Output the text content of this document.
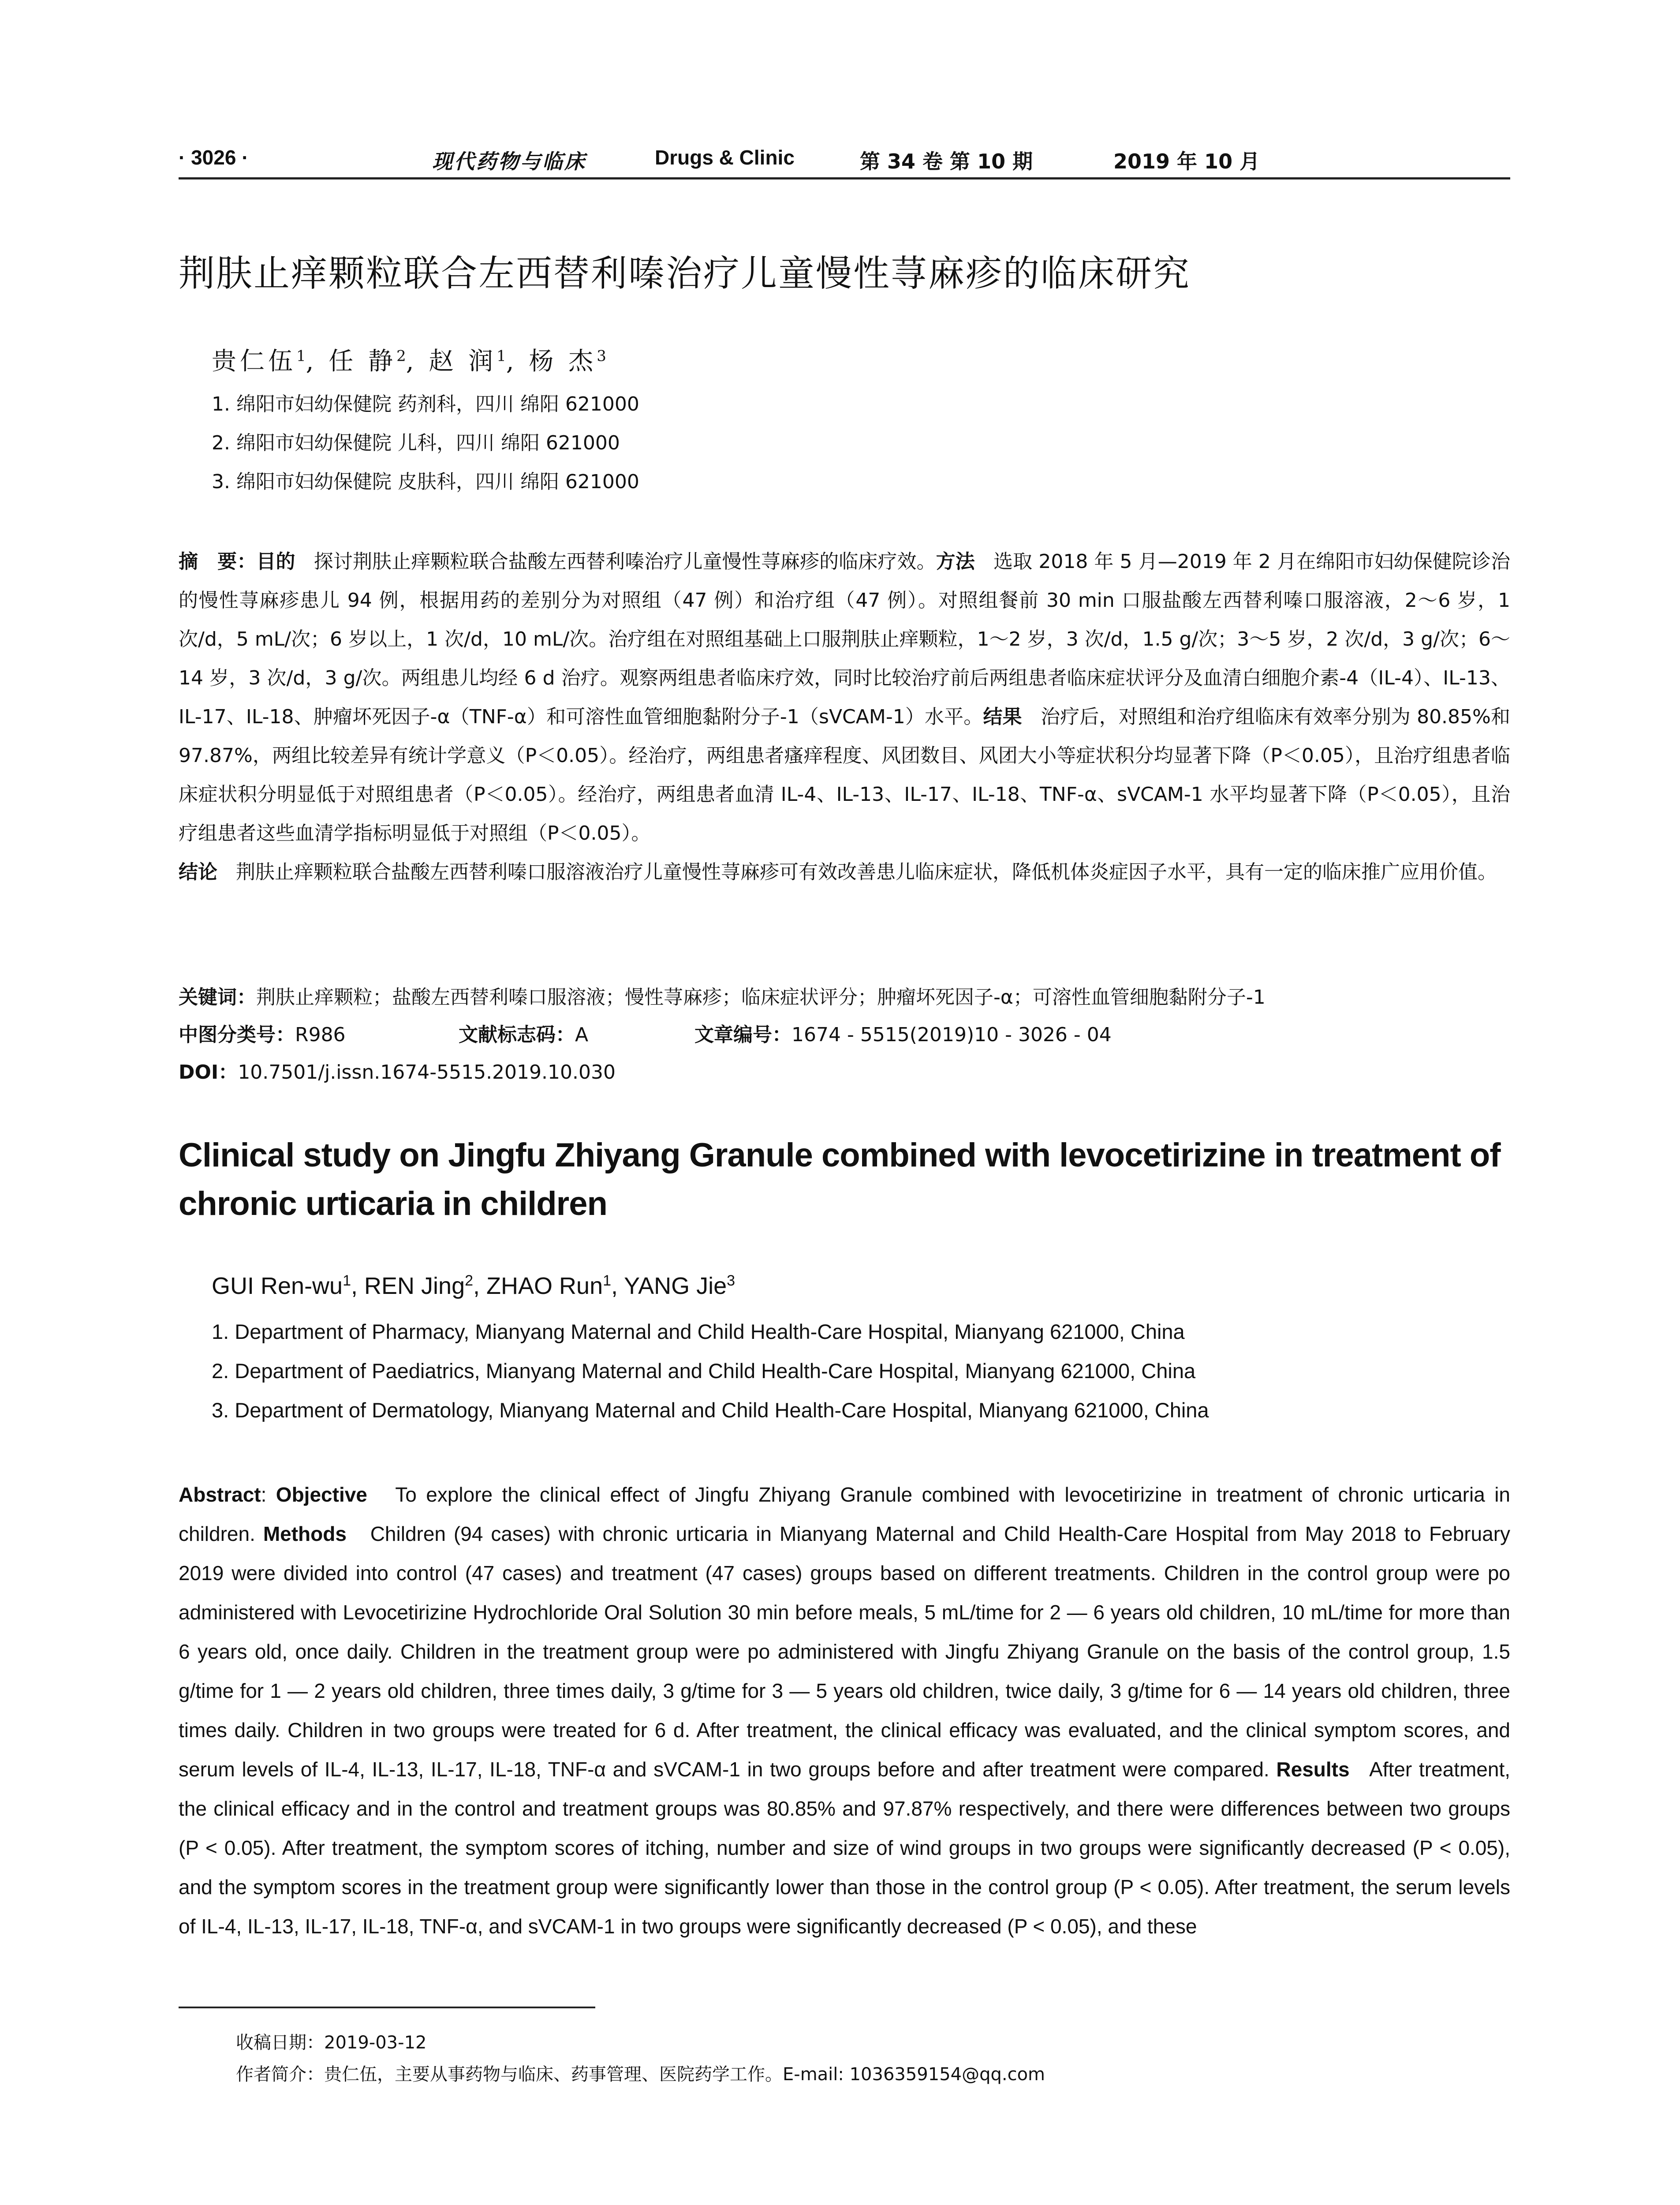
· 3026 ·	现代药物与临床	Drugs & Clinic	第 34 卷 第 10 期	2019 年 10 月
荆肤止痒颗粒联合左西替利嗪治疗儿童慢性荨麻疹的临床研究
贵仁伍$^1$, 任 静$^2$, 赵 润$^1$, 杨 杰$^3$
1. 绵阳市妇幼保健院 药剂科，四川 绵阳 621000
2. 绵阳市妇幼保健院 儿科，四川 绵阳 621000
3. 绵阳市妇幼保健院 皮肤科，四川 绵阳 621000
摘　要：目的 探讨荆肤止痒颗粒联合盐酸左西替利嗪治疗儿童慢性荨麻疹的临床疗效。方法 选取 2018 年 5 月—2019 年 2 月在绵阳市妇幼保健院诊治的慢性荨麻疹患儿 94 例，根据用药的差别分为对照组（47 例）和治疗组（47 例）。对照组餐前 30 min 口服盐酸左西替利嗪口服溶液，2～6 岁，1 次/d，5 mL/次；6 岁以上，1 次/d，10 mL/次。治疗组在对照组基础上口服荆肤止痒颗粒，1～2 岁，3 次/d，1.5 g/次；3～5 岁，2 次/d，3 g/次；6～14 岁，3 次/d，3 g/次。两组患儿均经 6 d 治疗。观察两组患者临床疗效，同时比较治疗前后两组患者临床症状评分及血清白细胞介素-4（IL-4）、IL-13、IL-17、IL-18、肿瘤坏死因子-α（TNF-α）和可溶性血管细胞黏附分子-1（sVCAM-1）水平。结果 治疗后，对照组和治疗组临床有效率分别为 80.85%和 97.87%，两组比较差异有统计学意义（P＜0.05）。经治疗，两组患者瘙痒程度、风团数目、风团大小等症状积分均显著下降（P＜0.05），且治疗组患者临床症状积分明显低于对照组患者（P＜0.05）。经治疗，两组患者血清 IL-4、IL-13、IL-17、IL-18、TNF-α、sVCAM-1 水平均显著下降（P＜0.05），且治疗组患者这些血清学指标明显低于对照组（P＜0.05）。
结论 荆肤止痒颗粒联合盐酸左西替利嗪口服溶液治疗儿童慢性荨麻疹可有效改善患儿临床症状，降低机体炎症因子水平，具有一定的临床推广应用价值。
关键词：荆肤止痒颗粒；盐酸左西替利嗪口服溶液；慢性荨麻疹；临床症状评分；肿瘤坏死因子-α；可溶性血管细胞黏附分子-1
中图分类号：R986	文献标志码：A	文章编号：1674 - 5515(2019)10 - 3026 - 04
DOI：10.7501/j.issn.1674-5515.2019.10.030
Clinical study on Jingfu Zhiyang Granule combined with levocetirizine in treatment of chronic urticaria in children
GUI Ren-$wu^1$, REN Jing$^2$, ZHAO Run$^1$, YANG Jie$^3$
1. Department of Pharmacy, Mianyang Maternal and Child Health-Care Hospital, Mianyang 621000, China
2. Department of Paediatrics, Mianyang Maternal and Child Health-Care Hospital, Mianyang 621000, China
3. Department of Dermatology, Mianyang Maternal and Child Health-Care Hospital, Mianyang 621000, China
Abstract: Objective To explore the clinical effect of Jingfu Zhiyang Granule combined with levocetirizine in treatment of chronic urticaria in children. Methods Children (94 cases) with chronic urticaria in Mianyang Maternal and Child Health-Care Hospital from May 2018 to February 2019 were divided into control (47 cases) and treatment (47 cases) groups based on different treatments. Children in the control group were po administered with Levocetirizine Hydrochloride Oral Solution 30 min before meals, 5 mL/time for 2 — 6 years old children, 10 mL/time for more than 6 years old, once daily. Children in the treatment group were po administered with Jingfu Zhiyang Granule on the basis of the control group, 1.5 g/time for 1 — 2 years old children, three times daily, 3 g/time for 3 — 5 years old children, twice daily, 3 g/time for 6 — 14 years old children, three times daily. Children in two groups were treated for 6 d. After treatment, the clinical efficacy was evaluated, and the clinical symptom scores, and serum levels of IL-4, IL-13, IL-17, IL-18, TNF-α and sVCAM-1 in two groups before and after treatment were compared. Results After treatment, the clinical efficacy and in the control and treatment groups was 80.85% and 97.87% respectively, and there were differences between two groups (P < 0.05). After treatment, the symptom scores of itching, number and size of wind groups in two groups were significantly decreased (P < 0.05), and the symptom scores in the treatment group were significantly lower than those in the control group (P < 0.05). After treatment, the serum levels of IL-4, IL-13, IL-17, IL-18, TNF-α, and sVCAM-1 in two groups were significantly decreased (P < 0.05), and these
收稿日期：2019-03-12
作者简介：贵仁伍，主要从事药物与临床、药事管理、医院药学工作。E-mail: 1036359154@qq.com
